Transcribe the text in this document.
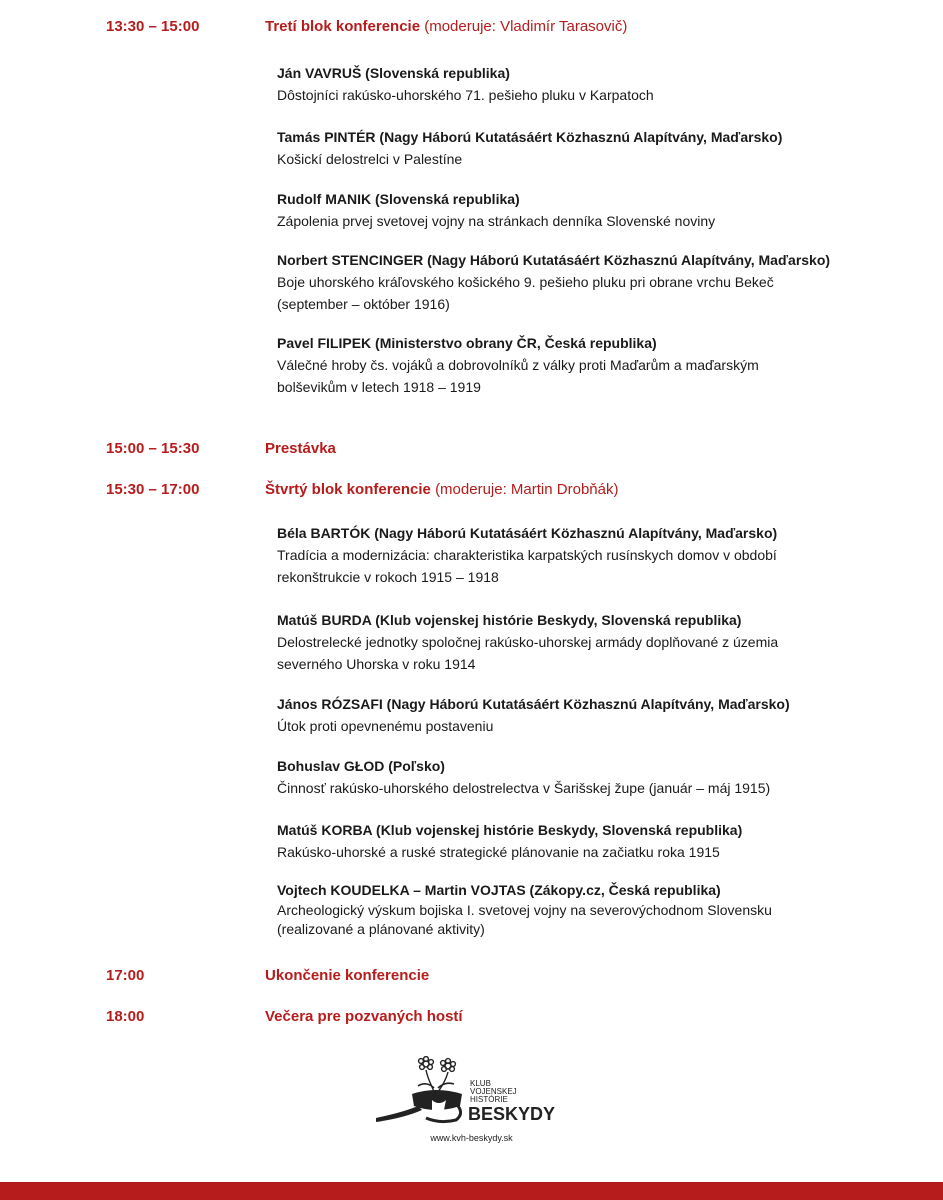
13:30 – 15:00	Tretí blok konferencie (moderuje: Vladimír Tarasovič)
Ján VAVRUŠ (Slovenská republika)
Dôstojníci rakúsko-uhorského 71. pešieho pluku v Karpatoch
Tamás PINTÉR (Nagy Háború Kutatásáért Közhasznú Alapítvány, Maďarsko)
Košickí delostrelci v Palestíne
Rudolf MANIK (Slovenská republika)
Zápolenia prvej svetovej vojny na stránkach denníka Slovenské noviny
Norbert STENCINGER (Nagy Háború Kutatásáért Közhasznú Alapítvány, Maďarsko)
Boje uhorského kráľovského košického 9. pešieho pluku pri obrane vrchu Bekeč
(september – október 1916)
Pavel FILIPEK (Ministerstvo obrany ČR, Česká republika)
Válečné hroby čs. vojáků a dobrovolníků z války proti Maďarům a maďarským
bolševikům v letech 1918 – 1919
15:00 – 15:30	Prestávka
15:30 – 17:00	Štvrtý blok konferencie (moderuje: Martin Drobňák)
Béla BARTÓK (Nagy Háború Kutatásáért Közhasznú Alapítvány, Maďarsko)
Tradícia a modernizácia: charakteristika karpatských rusínskych domov v období
rekonštrukcie v rokoch 1915 – 1918
Matúš BURDA (Klub vojenskej histórie Beskydy, Slovenská republika)
Delostrelecké jednotky spoločnej rakúsko-uhorskej armády doplňované z územia
severného Uhorska v roku 1914
János RÓZSAFI (Nagy Háború Kutatásáért Közhasznú Alapítvány, Maďarsko)
Útok proti opevnenému postaveniu
Bohuslav GŁOD (Poľsko)
Činnosť rakúsko-uhorského delostrelectva v Šarišskej župe (január – máj 1915)
Matúš KORBA (Klub vojenskej histórie Beskydy, Slovenská republika)
Rakúsko-uhorské a ruské strategické plánovanie na začiatku roka 1915
Vojtech KOUDELKA – Martin VOJTAS (Zákopy.cz, Česká republika)
Archeologický výskum bojiska I. svetovej vojny na severovýchodnom Slovensku
(realizované a plánované aktivity)
17:00	Ukončenie konferencie
18:00	Večera pre pozvaných hostí
KLUB
VOJENSKEJ
HISTÓRIE
BESKYDY
www.kvh-beskydy.sk
